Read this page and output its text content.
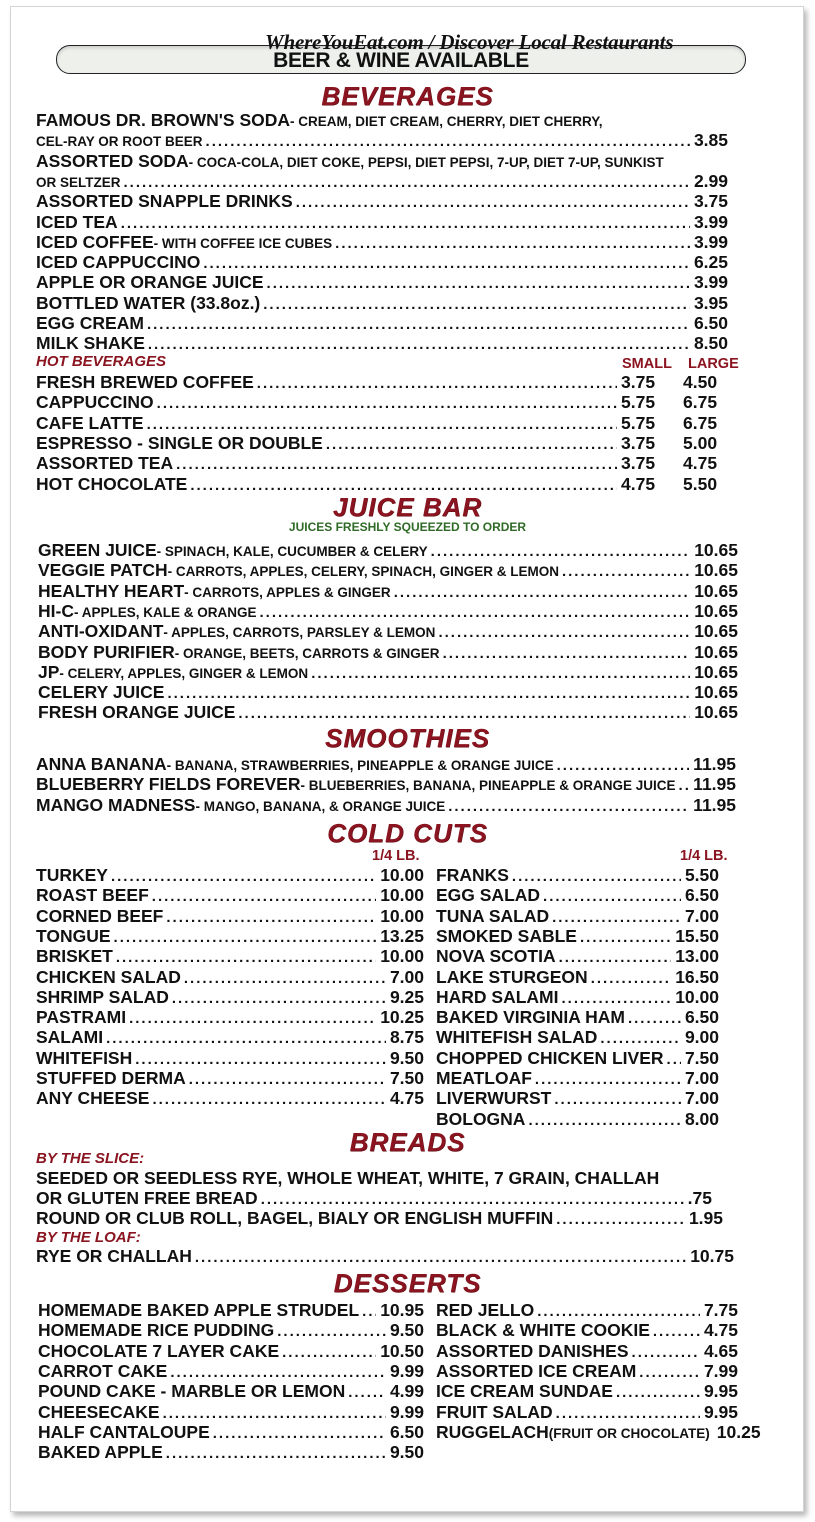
WhereYouEat.com / Discover Local Restaurants
BEER & WINE AVAILABLE
BEVERAGES
FAMOUS DR. BROWN'S SODA - CREAM, DIET CREAM, CHERRY, DIET CHERRY,
CEL-RAY OR ROOT BEER .....	3.85
ASSORTED SODA - COCA-COLA, DIET COKE, PEPSI, DIET PEPSI, 7-UP, DIET 7-UP, SUNKIST
OR SELTZER .....	2.99
ASSORTED SNAPPLE DRINKS .....	3.75
ICED TEA .....	3.99
ICED COFFEE - WITH COFFEE ICE CUBES .....	3.99
ICED CAPPUCCINO .....	6.25
APPLE OR ORANGE JUICE .....	3.99
BOTTLED WATER (33.8oz.) .....	3.95
EGG CREAM .....	6.50
MILK SHAKE .....	8.50
HOT BEVERAGES	SMALL LARGE
FRESH BREWED COFFEE .....	3.75 4.50
CAPPUCCINO .....	5.75 6.75
CAFE LATTE .....	5.75 6.75
ESPRESSO - SINGLE OR DOUBLE .....	3.75 5.00
ASSORTED TEA .....	3.75 4.75
HOT CHOCOLATE .....	4.75 5.50
JUICE BAR
JUICES FRESHLY SQUEEZED TO ORDER
GREEN JUICE - SPINACH, KALE, CUCUMBER & CELERY .....	10.65
VEGGIE PATCH - CARROTS, APPLES, CELERY, SPINACH, GINGER & LEMON .....	10.65
HEALTHY HEART - CARROTS, APPLES & GINGER .....	10.65
HI-C - APPLES, KALE & ORANGE .....	10.65
ANTI-OXIDANT - APPLES, CARROTS, PARSLEY & LEMON .....	10.65
BODY PURIFIER - ORANGE, BEETS, CARROTS & GINGER .....	10.65
JP - CELERY, APPLES, GINGER & LEMON .....	10.65
CELERY JUICE .....	10.65
FRESH ORANGE JUICE .....	10.65
SMOOTHIES
ANNA BANANA - BANANA, STRAWBERRIES, PINEAPPLE & ORANGE JUICE .....	11.95
BLUEBERRY FIELDS FOREVER - BLUEBERRIES, BANANA, PINEAPPLE & ORANGE JUICE ..... 11.95
MANGO MADNESS - MANGO, BANANA, & ORANGE JUICE .....	11.95
COLD CUTS
1/4 LB.	1/4 LB.
TURKEY .....	10.00
ROAST BEEF .....	10.00
CORNED BEEF .....	10.00
TONGUE .....	13.25
BRISKET .....	10.00
CHICKEN SALAD .....	7.00
SHRIMP SALAD .....	9.25
PASTRAMI .....	10.25
SALAMI .....	8.75
WHITEFISH .....	9.50
STUFFED DERMA .....	7.50
ANY CHEESE .....	4.75
FRANKS .....	5.50
EGG SALAD .....	6.50
TUNA SALAD .....	7.00
SMOKED SABLE .....	15.50
NOVA SCOTIA .....	13.00
LAKE STURGEON .....	16.50
HARD SALAMI .....	10.00
BAKED VIRGINIA HAM .....	6.50
WHITEFISH SALAD .....	9.00
CHOPPED CHICKEN LIVER ..... 7.50
MEATLOAF .....	7.00
LIVERWURST .....	7.00
BOLOGNA .....	8.00
BREADS
BY THE SLICE:
SEEDED OR SEEDLESS RYE, WHOLE WHEAT, WHITE, 7 GRAIN, CHALLAH
OR GLUTEN FREE BREAD .....	.75
ROUND OR CLUB ROLL, BAGEL, BIALY OR ENGLISH MUFFIN .....	1.95
BY THE LOAF:
RYE OR CHALLAH .....	10.75
DESSERTS
HOMEMADE BAKED APPLE STRUDEL ..... 10.95
HOMEMADE RICE PUDDING .....	9.50
CHOCOLATE 7 LAYER CAKE .....	10.50
CARROT CAKE .....	9.99
POUND CAKE - MARBLE OR LEMON .....	4.99
CHEESECAKE .....	9.99
HALF CANTALOUPE .....	6.50
BAKED APPLE .....	9.50
RED JELLO .....	7.75
BLACK & WHITE COOKIE .....	4.75
ASSORTED DANISHES .....	4.65
ASSORTED ICE CREAM .....	7.99
ICE CREAM SUNDAE .....	9.95
FRUIT SALAD .....	9.95
RUGGELACH (FRUIT OR CHOCOLATE) 10.25
